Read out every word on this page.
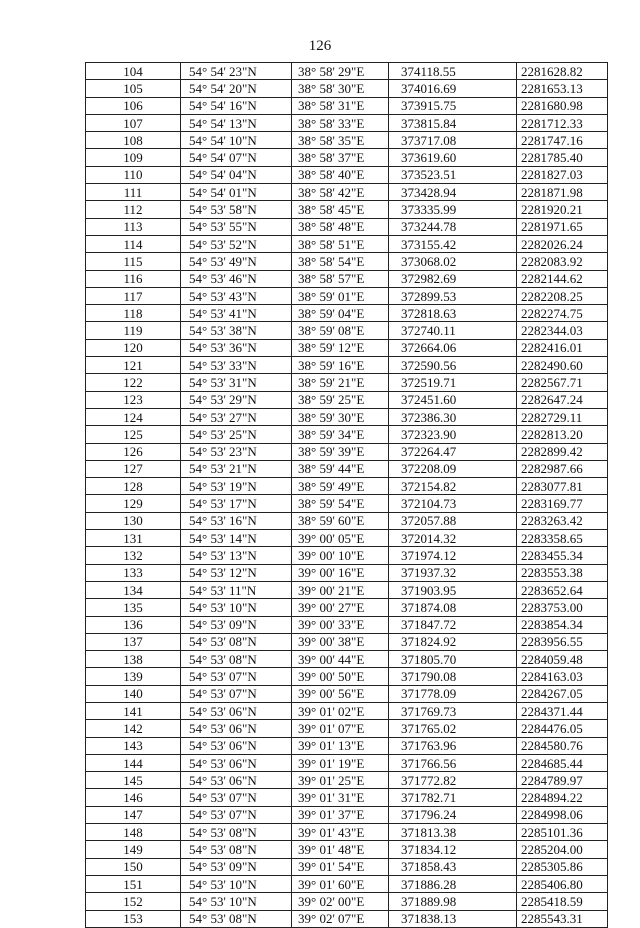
126
104	54° 54' 23"N	38° 58' 29"E	374118.55	2281628.82
105	54° 54' 20"N	38° 58' 30"E	374016.69	2281653.13
106	54° 54' 16"N	38° 58' 31"E	373915.75	2281680.98
107	54° 54' 13"N	38° 58' 33"E	373815.84	2281712.33
108	54° 54' 10"N	38° 58' 35"E	373717.08	2281747.16
109	54° 54' 07"N	38° 58' 37"E	373619.60	2281785.40
110	54° 54' 04"N	38° 58' 40"E	373523.51	2281827.03
111	54° 54' 01"N	38° 58' 42"E	373428.94	2281871.98
112	54° 53' 58"N	38° 58' 45"E	373335.99	2281920.21
113	54° 53' 55"N	38° 58' 48"E	373244.78	2281971.65
114	54° 53' 52"N	38° 58' 51"E	373155.42	2282026.24
115	54° 53' 49"N	38° 58' 54"E	373068.02	2282083.92
116	54° 53' 46"N	38° 58' 57"E	372982.69	2282144.62
117	54° 53' 43"N	38° 59' 01"E	372899.53	2282208.25
118	54° 53' 41"N	38° 59' 04"E	372818.63	2282274.75
119	54° 53' 38"N	38° 59' 08"E	372740.11	2282344.03
120	54° 53' 36"N	38° 59' 12"E	372664.06	2282416.01
121	54° 53' 33"N	38° 59' 16"E	372590.56	2282490.60
122	54° 53' 31"N	38° 59' 21"E	372519.71	2282567.71
123	54° 53' 29"N	38° 59' 25"E	372451.60	2282647.24
124	54° 53' 27"N	38° 59' 30"E	372386.30	2282729.11
125	54° 53' 25"N	38° 59' 34"E	372323.90	2282813.20
126	54° 53' 23"N	38° 59' 39"E	372264.47	2282899.42
127	54° 53' 21"N	38° 59' 44"E	372208.09	2282987.66
128	54° 53' 19"N	38° 59' 49"E	372154.82	2283077.81
129	54° 53' 17"N	38° 59' 54"E	372104.73	2283169.77
130	54° 53' 16"N	38° 59' 60"E	372057.88	2283263.42
131	54° 53' 14"N	39° 00' 05"E	372014.32	2283358.65
132	54° 53' 13"N	39° 00' 10"E	371974.12	2283455.34
133	54° 53' 12"N	39° 00' 16"E	371937.32	2283553.38
134	54° 53' 11"N	39° 00' 21"E	371903.95	2283652.64
135	54° 53' 10"N	39° 00' 27"E	371874.08	2283753.00
136	54° 53' 09"N	39° 00' 33"E	371847.72	2283854.34
137	54° 53' 08"N	39° 00' 38"E	371824.92	2283956.55
138	54° 53' 08"N	39° 00' 44"E	371805.70	2284059.48
139	54° 53' 07"N	39° 00' 50"E	371790.08	2284163.03
140	54° 53' 07"N	39° 00' 56"E	371778.09	2284267.05
141	54° 53' 06"N	39° 01' 02"E	371769.73	2284371.44
142	54° 53' 06"N	39° 01' 07"E	371765.02	2284476.05
143	54° 53' 06"N	39° 01' 13"E	371763.96	2284580.76
144	54° 53' 06"N	39° 01' 19"E	371766.56	2284685.44
145	54° 53' 06"N	39° 01' 25"E	371772.82	2284789.97
146	54° 53' 07"N	39° 01' 31"E	371782.71	2284894.22
147	54° 53' 07"N	39° 01' 37"E	371796.24	2284998.06
148	54° 53' 08"N	39° 01' 43"E	371813.38	2285101.36
149	54° 53' 08"N	39° 01' 48"E	371834.12	2285204.00
150	54° 53' 09"N	39° 01' 54"E	371858.43	2285305.86
151	54° 53' 10"N	39° 01' 60"E	371886.28	2285406.80
152	54° 53' 10"N	39° 02' 00"E	371889.98	2285418.59
153	54° 53' 08"N	39° 02' 07"E	371838.13	2285543.31
